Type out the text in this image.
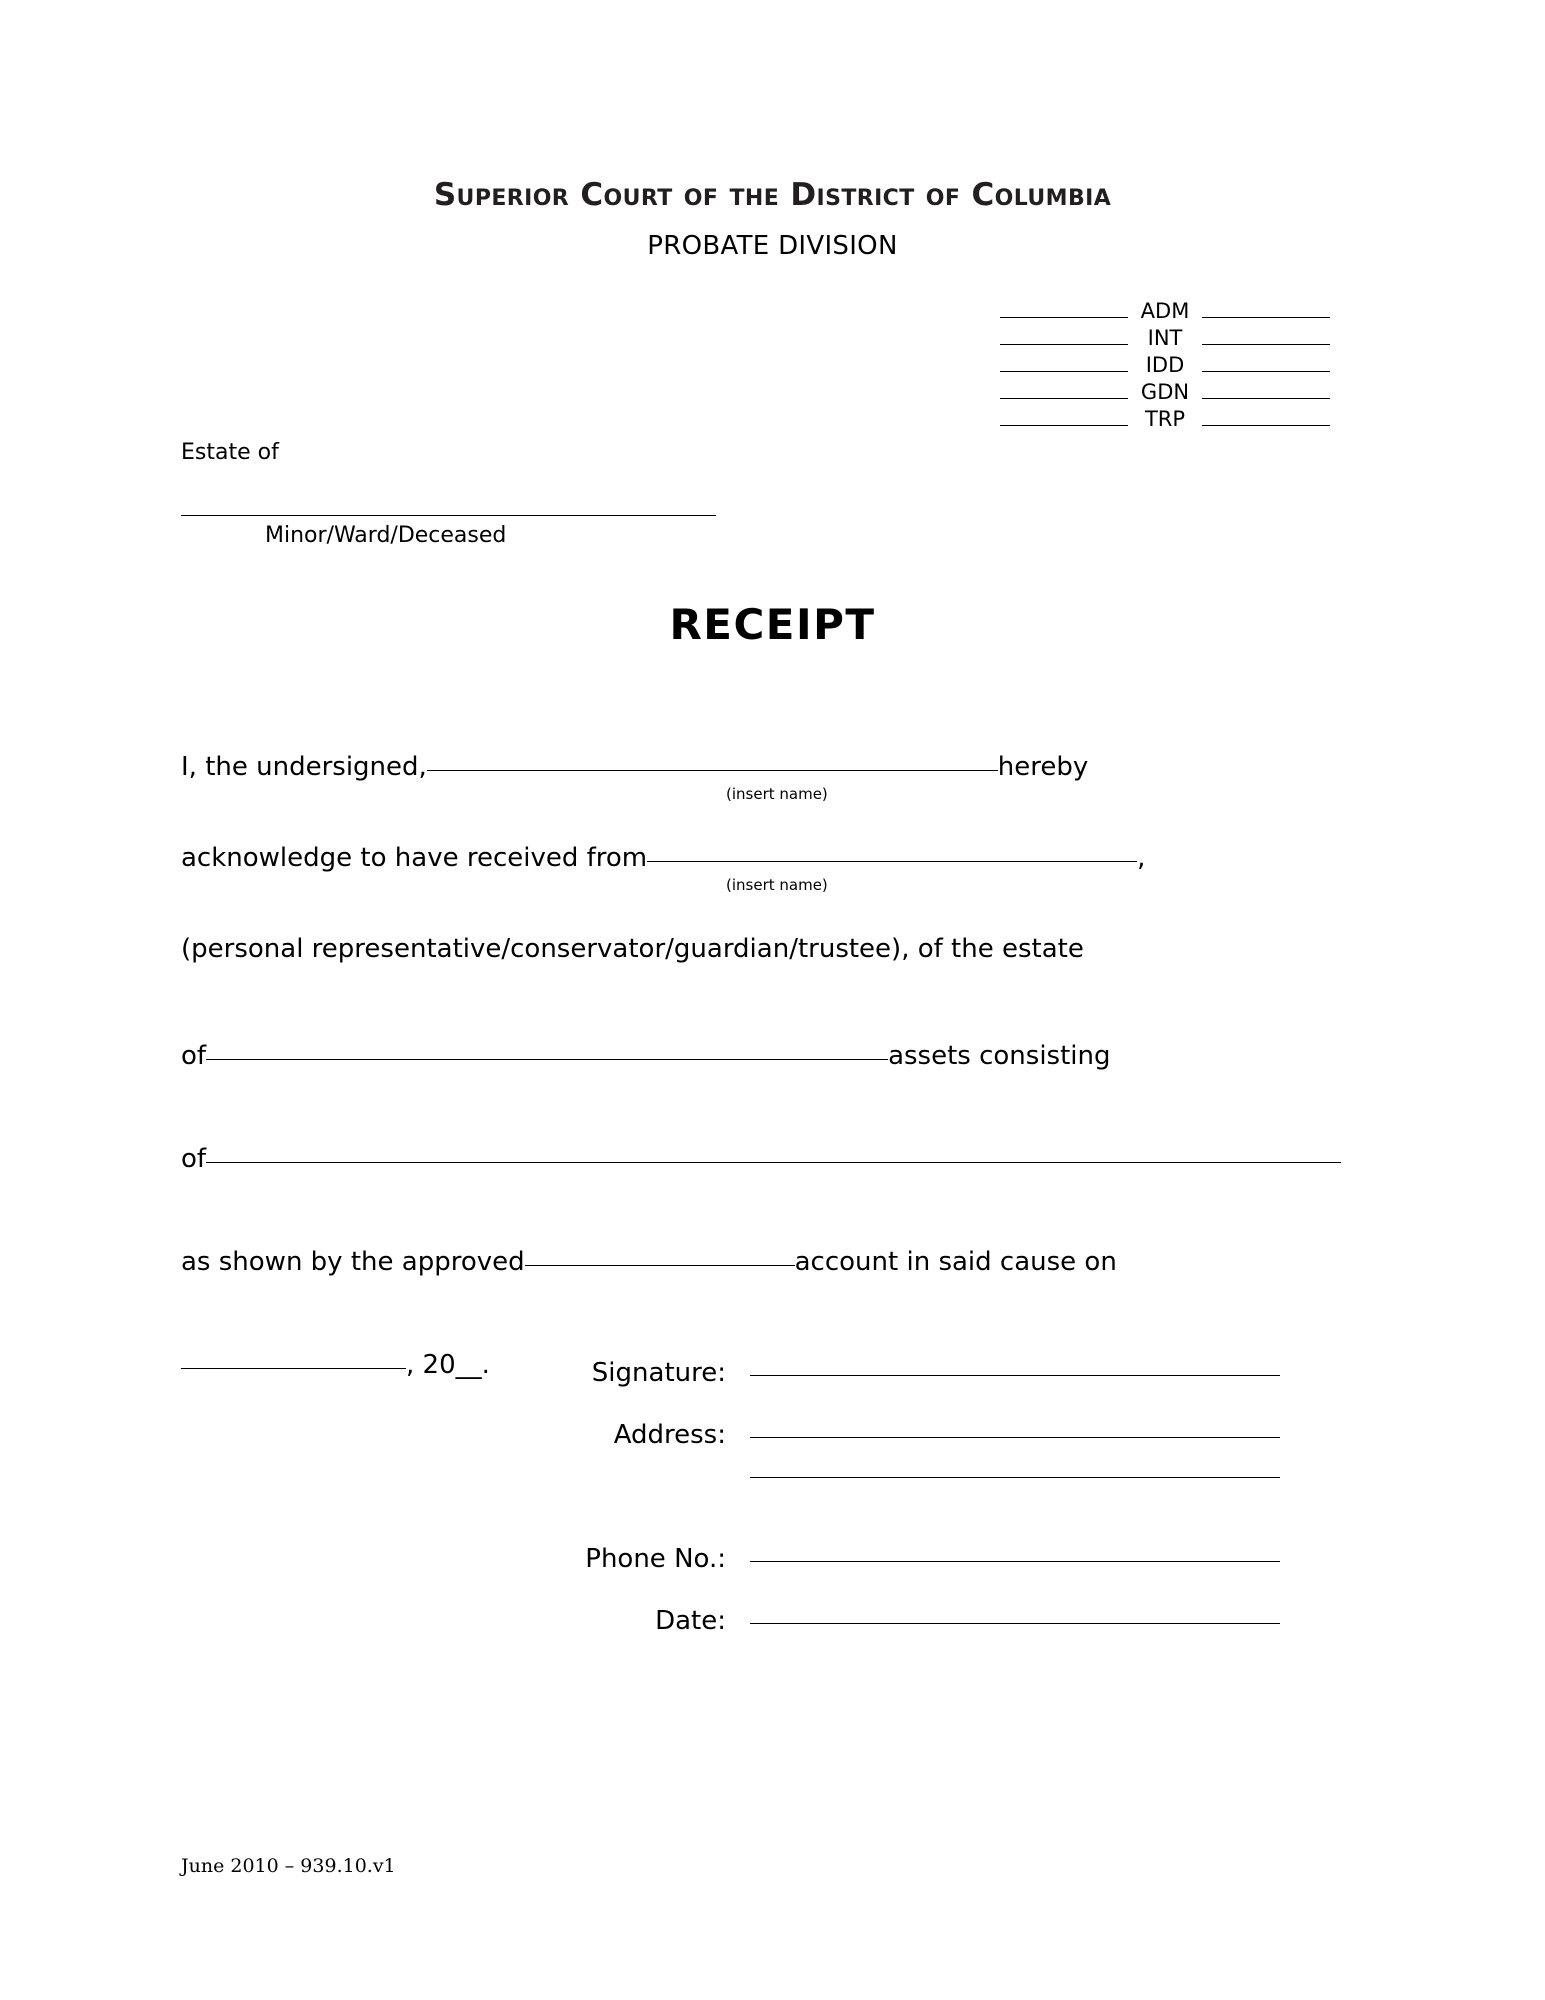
Superior Court of the District of Columbia
PROBATE DIVISION
ADM
INT
IDD
GDN
TRP
Estate of
Minor/Ward/Deceased
RECEIPT
I, the undersigned,	hereby
(insert name)
acknowledge to have received from	,
(insert name)
(personal representative/conservator/guardian/trustee), of the estate
of	assets consisting
of
as shown by the approved	account in said cause on
, 20__.	Signature:
Address:
Phone No.:
Date:
June 2010 – 939.10.v1
